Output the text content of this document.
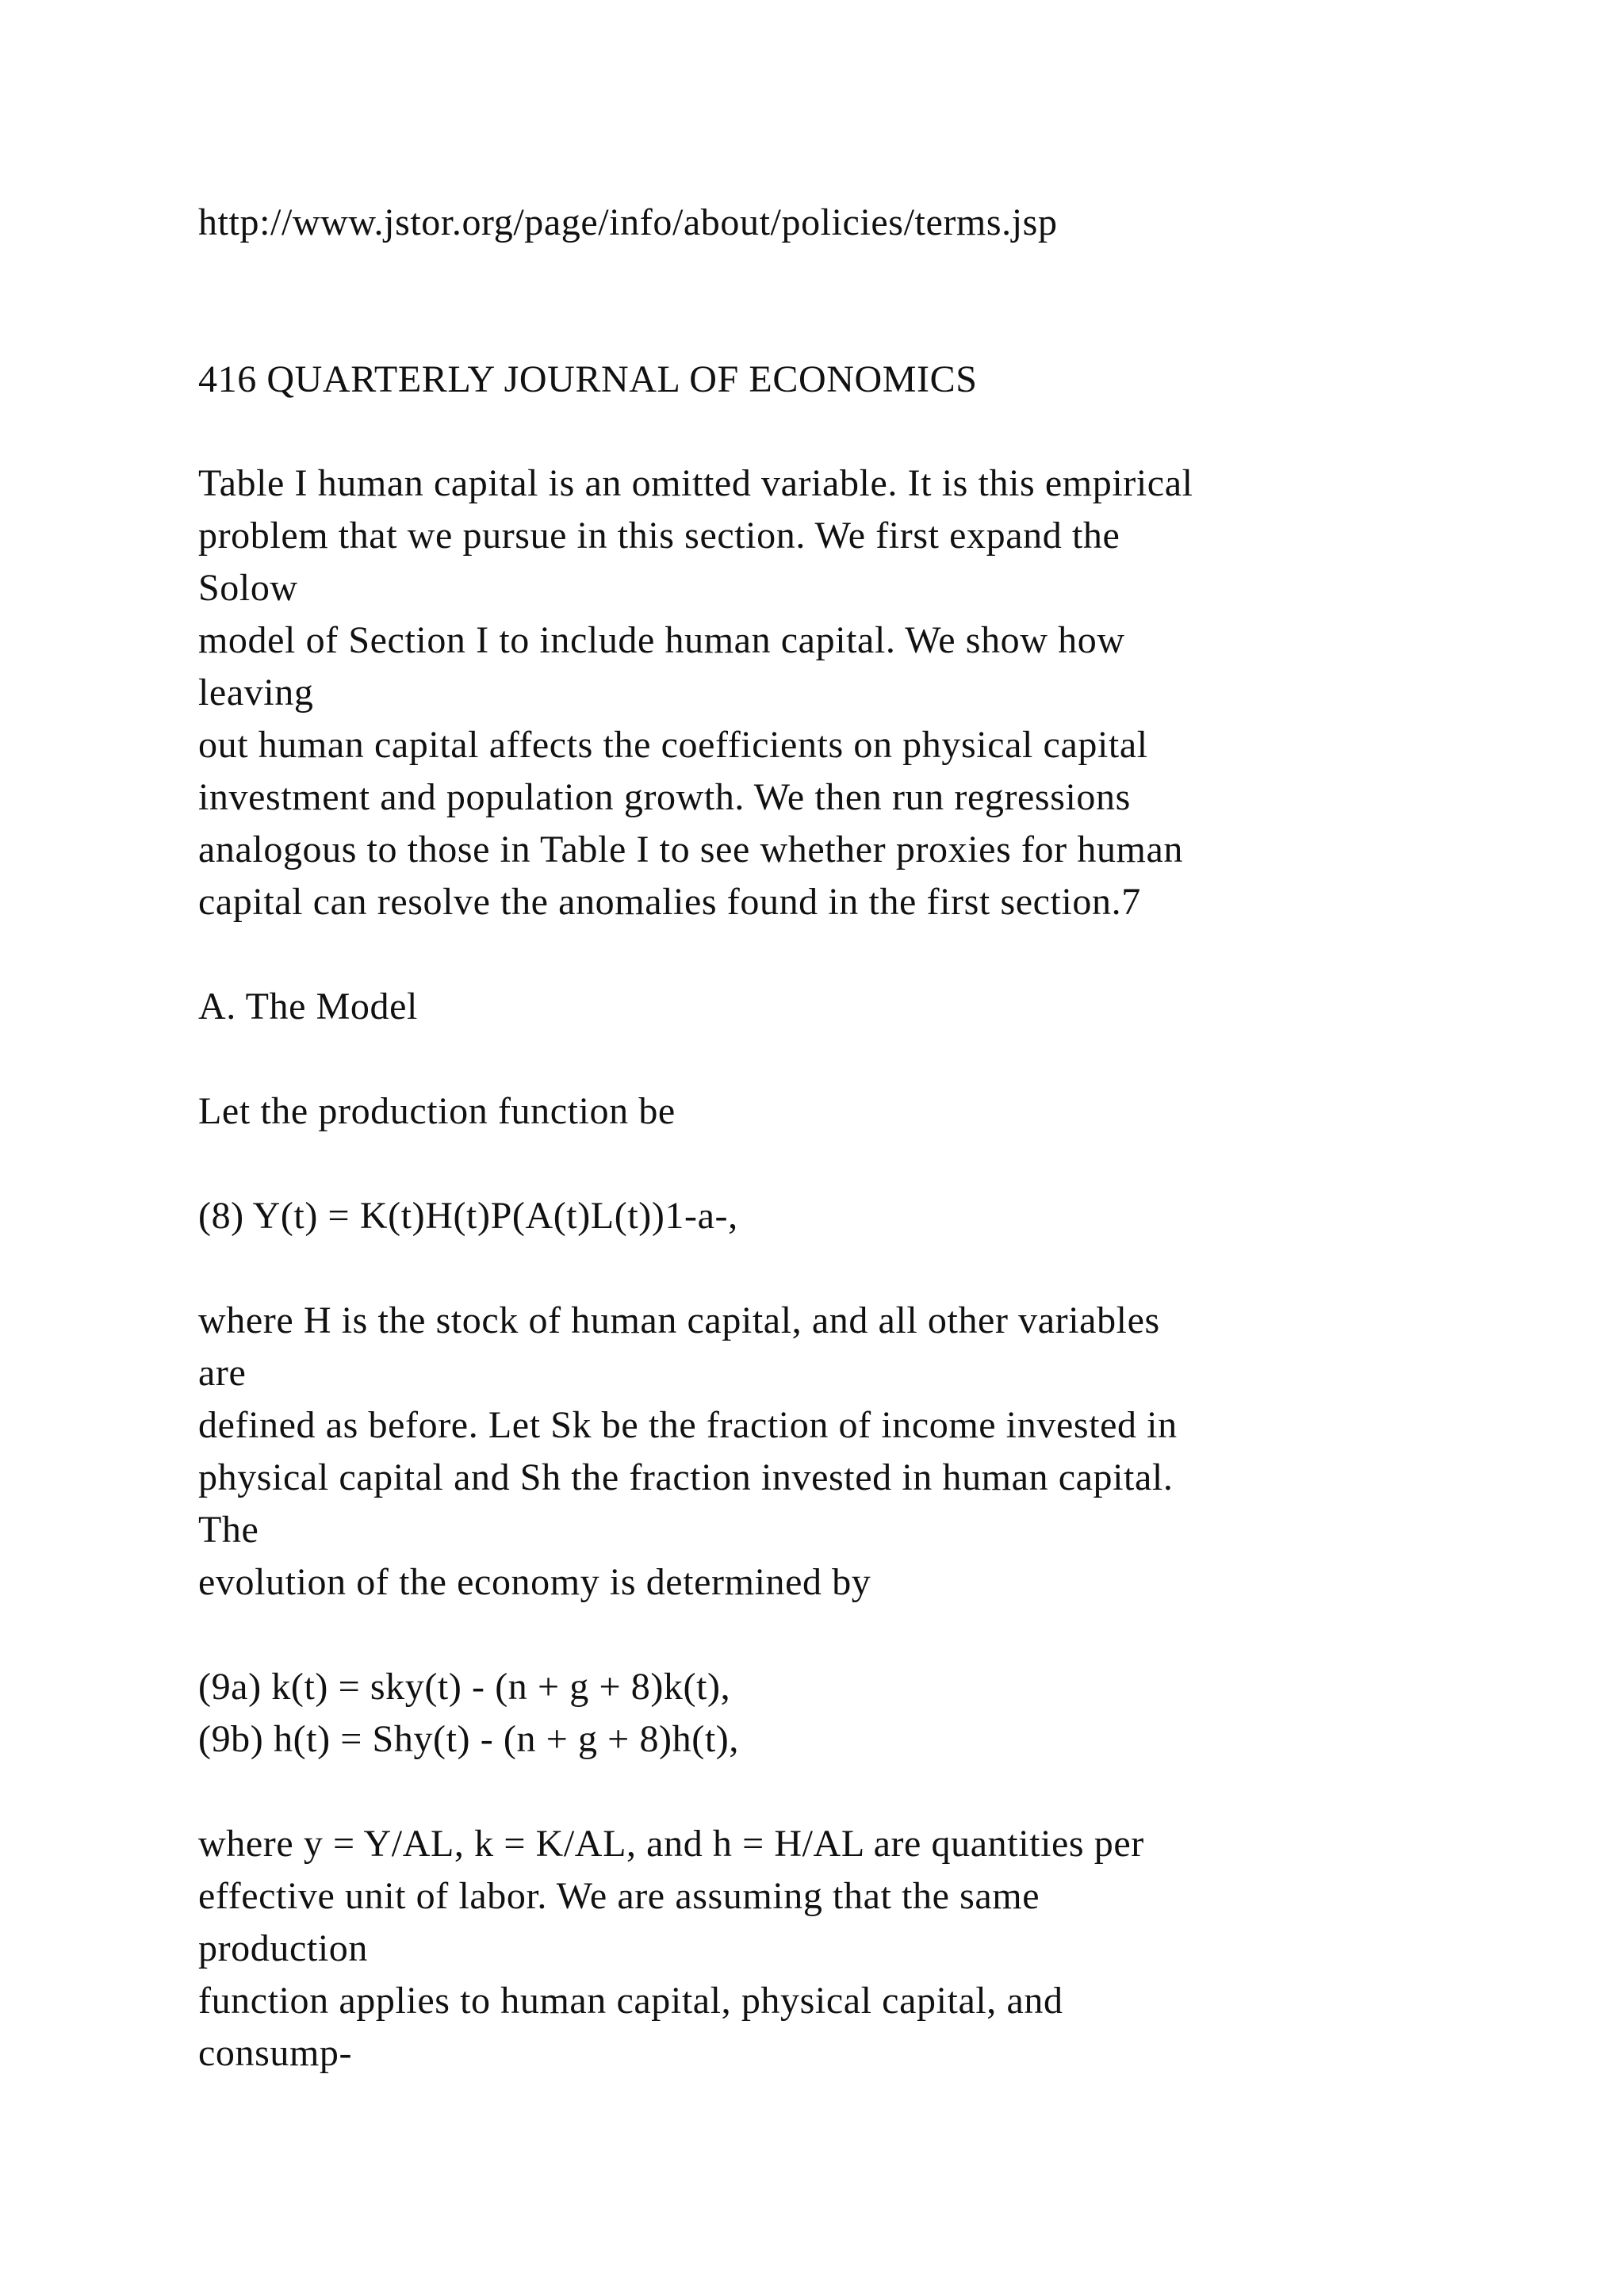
http://www.jstor.org/page/info/about/policies/terms.jsp

416 QUARTERLY JOURNAL OF ECONOMICS

Table I human capital is an omitted variable. It is this empirical

problem that we pursue in this section. We first expand the

Solow

model of Section I to include human capital. We show how

leaving

out human capital affects the coefficients on physical capital

investment and population growth. We then run regressions

analogous to those in Table I to see whether proxies for human

capital can resolve the anomalies found in the first section.7

A. The Model

Let the production function be

(8) Y(t) = K(t)H(t)P(A(t)L(t))1-a-,

where H is the stock of human capital, and all other variables

are

defined as before. Let Sk be the fraction of income invested in

physical capital and Sh the fraction invested in human capital.

The

evolution of the economy is determined by

(9a) k(t) = sky(t) - (n + g + 8)k(t),

(9b) h(t) = Shy(t) - (n + g + 8)h(t),

where y = Y/AL, k = K/AL, and h = H/AL are quantities per

effective unit of labor. We are assuming that the same

production

function applies to human capital, physical capital, and

consump-
